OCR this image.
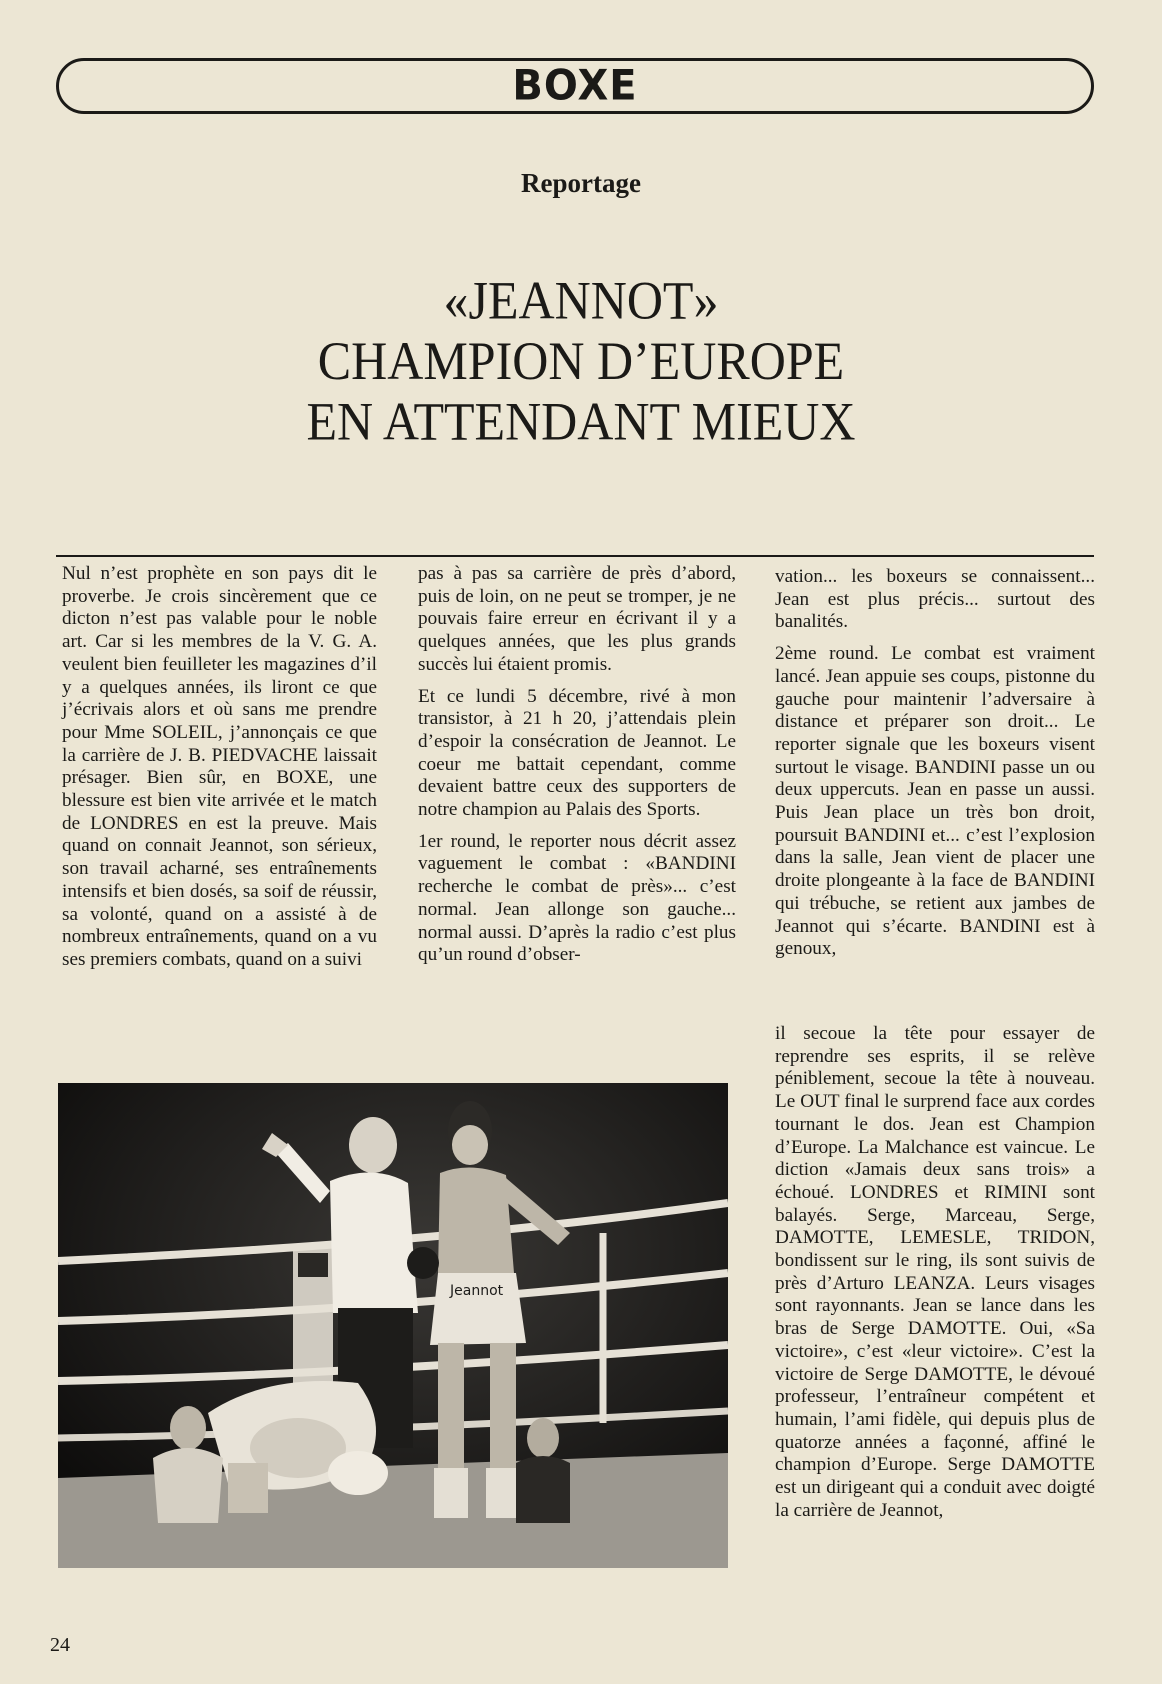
BOXE
Reportage
«JEANNOT»
CHAMPION D’EUROPE
EN ATTENDANT MIEUX

Nul n’est prophète en son pays dit le proverbe. Je crois sincèrement que ce dicton n’est pas valable pour le noble art. Car si les membres de la V. G. A. veulent bien feuilleter les magazines d’il y a quelques années, ils liront ce que j’écrivais alors et où sans me prendre pour Mme SOLEIL, j’annonçais ce que la carrière de J. B. PIEDVACHE laissait présager. Bien sûr, en BOXE, une blessure est bien vite arrivée et le match de LONDRES en est la preuve. Mais quand on connait Jeannot, son sérieux, son travail acharné, ses entraînements intensifs et bien dosés, sa soif de réussir, sa volonté, quand on a assisté à de nombreux entraînements, quand on a vu ses premiers combats, quand on a suivi

pas à pas sa carrière de près d’abord, puis de loin, on ne peut se tromper, je ne pouvais faire erreur en écrivant il y a quelques années, que les plus grands succès lui étaient promis.

Et ce lundi 5 décembre, rivé à mon transistor, à 21 h 20, j’attendais plein d’espoir la consécration de Jeannot. Le coeur me battait cependant, comme devaient battre ceux des supporters de notre champion au Palais des Sports.

1er round, le reporter nous décrit assez vaguement le combat : «BANDINI recherche le combat de près»... c’est normal. Jean allonge son gauche... normal aussi. D’après la radio c’est plus qu’un round d’obser-

vation... les boxeurs se connaissent... Jean est plus précis... surtout des banalités.

2ème round. Le combat est vraiment lancé. Jean appuie ses coups, pistonne du gauche pour maintenir l’adversaire à distance et préparer son droit... Le reporter signale que les boxeurs visent surtout le visage. BANDINI passe un ou deux uppercuts. Jean en passe un aussi. Puis Jean place un très bon droit, poursuit BANDINI et... c’est l’explosion dans la salle, Jean vient de placer une droite plongeante à la face de BANDINI qui trébuche, se retient aux jambes de Jeannot qui s’écarte. BANDINI est à genoux,

il secoue la tête pour essayer de reprendre ses esprits, il se relève péniblement, secoue la tête à nouveau. Le OUT final le surprend face aux cordes tournant le dos. Jean est Champion d’Europe. La Malchance est vaincue. Le diction «Jamais deux sans trois» a échoué. LONDRES et RIMINI sont balayés. Serge, Marceau, Serge, DAMOTTE, LEMESLE, TRIDON, bondissent sur le ring, ils sont suivis de près d’Arturo LEANZA. Leurs visages sont rayonnants. Jean se lance dans les bras de Serge DAMOTTE. Oui, «Sa victoire», c’est «leur victoire». C’est la victoire de Serge DAMOTTE, le dévoué professeur, l’entraîneur compétent et humain, l’ami fidèle, qui depuis plus de quatorze années a façonné, affiné le champion d’Europe. Serge DAMOTTE est un dirigeant qui a conduit avec doigté la carrière de Jeannot,

Jeannot
24
